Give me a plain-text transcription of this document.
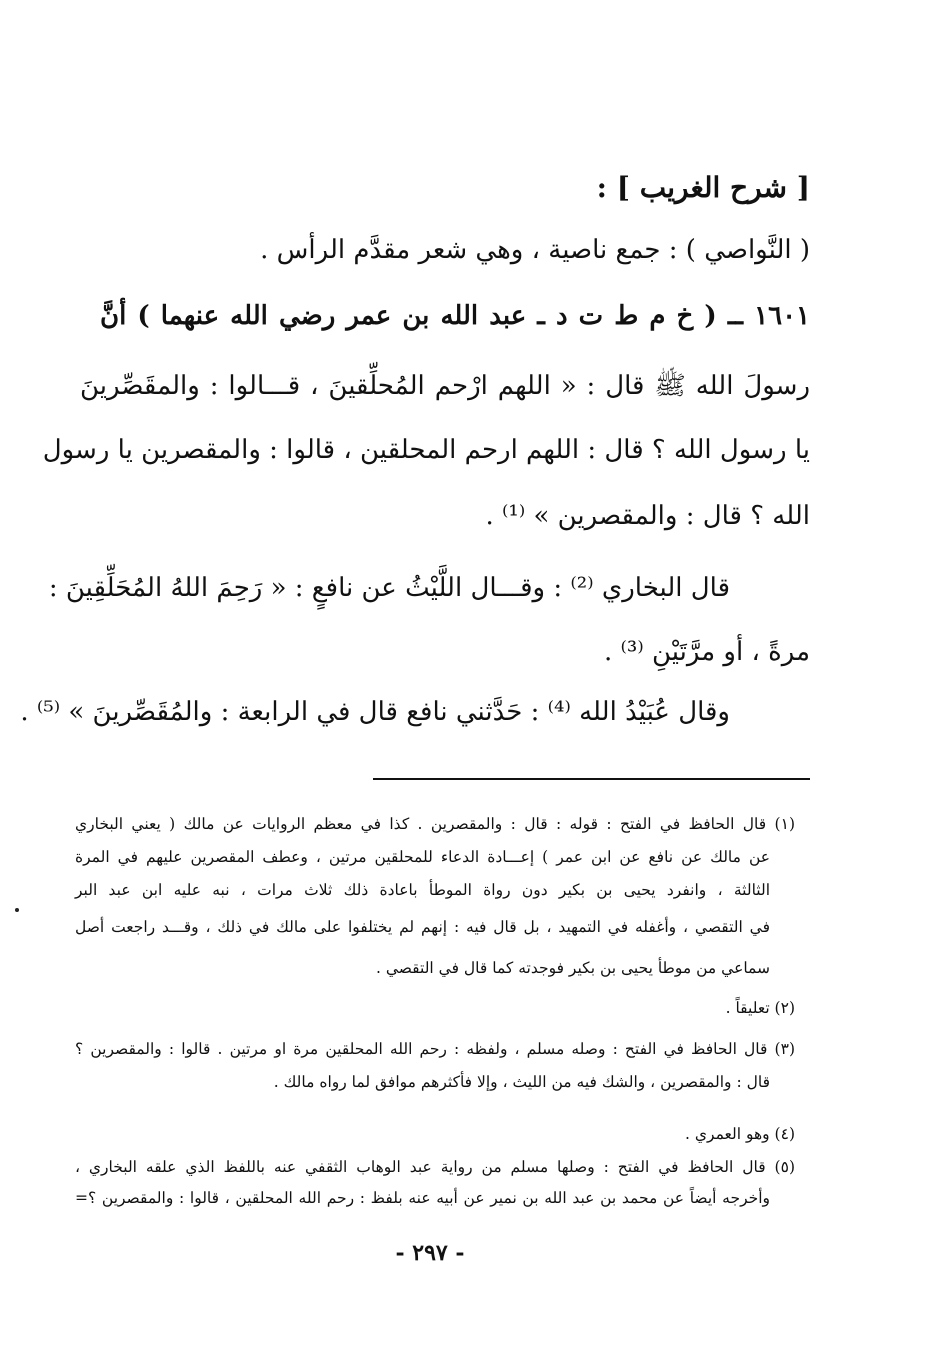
[ شرح الغريب ] :
( النَّواصي ) : جمع ناصية ، وهي شعر مقدَّم الرأس .
١٦٠١ ــ ( خ م ط ت د ـ عبد الله بن عمر رضي الله عنهما ) أنَّ
رسولَ الله ﷺ قال : « اللهم ارْحم المُحلِّقينَ ، قـــالوا : والمقَصِّرينَ
يا رسول الله ؟ قال : اللهم ارحم المحلقين ، قالوا : والمقصرين يا رسول
الله ؟ قال : والمقصرين » ⁽¹⁾ .
قال البخاري ⁽²⁾ : وقـــال اللَّيْثُ عن نافعٍ : « رَحِمَ اللهُ المُحَلِّقِينَ :
مرةً ، أو مرَّتَيْنِ ⁽³⁾ .
وقال عُبَيْدُ الله ⁽⁴⁾ : حَدَّثني نافع قال في الرابعة : والمُقَصِّرينَ » ⁽⁵⁾ .
(١) قال الحافظ في الفتح : قوله : قال : والمقصرين . كذا في معظم الروايات عن مالك ( يعني البخاري
عن مالك عن نافع عن ابن عمر ) إعـــادة الدعاء للمحلقين مرتين ، وعطف المقصرين عليهم في المرة
الثالثة ، وانفرد يحيى بن بكير دون رواة الموطأ باعادة ذلك ثلاث مرات ، نبه عليه ابن عبد البر
في التقصي ، وأغفله في التمهيد ، بل قال فيه : إنهم لم يختلفوا على مالك في ذلك ، وقـــد راجعت أصل
سماعي من موطأ يحيى بن بكير فوجدته كما قال في التقصي .
(٢) تعليقاً .
(٣) قال الحافظ في الفتح : وصله مسلم ، ولفظه : رحم الله المحلقين مرة او مرتين . قالوا : والمقصرين ؟
قال : والمقصرين ، والشك فيه من الليث ، وإلا فأكثرهم موافق لما رواه مالك .
(٤) وهو العمري .
(٥) قال الحافظ في الفتح : وصلها مسلم من رواية عبد الوهاب الثقفي عنه باللفظ الذي علقه البخاري ،
وأخرجه أيضاً عن محمد بن عبد الله بن نمير عن أبيه عنه بلفظ : رحم الله المحلقين ، قالوا : والمقصرين ؟=
- ٢٩٧ -
